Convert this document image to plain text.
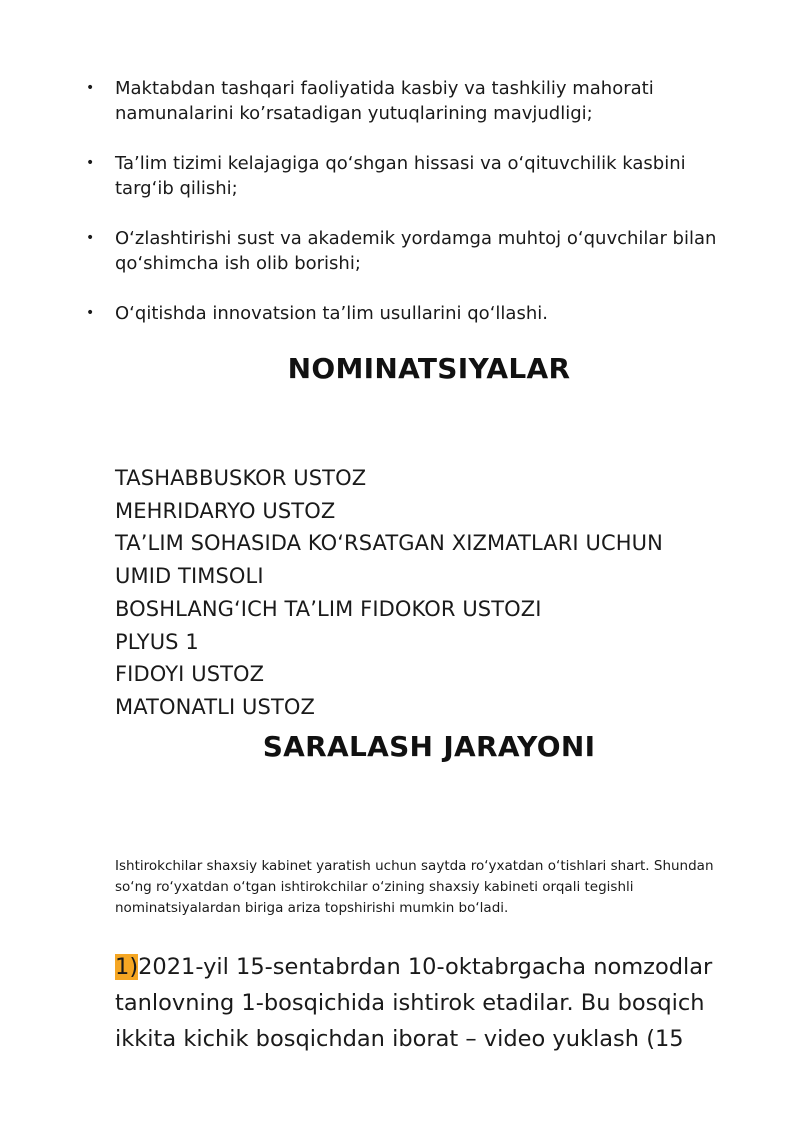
• Maktabdan tashqari faoliyatida kasbiy va tashkiliy mahorati namunalarini ko’rsatadigan yutuqlarining mavjudligi;
• Ta’lim tizimi kelajagiga qo‘shgan hissasi va o‘qituvchilik kasbini targ‘ib qilishi;
• O‘zlashtirishi sust va akademik yordamga muhtoj o‘quvchilar bilan qo‘shimcha ish olib borishi;
• O‘qitishda innovatsion ta’lim usullarini qo‘llashi.
NOMINATSIYALAR
TASHABBUSKOR USTOZ
MEHRIDARYO USTOZ
TA’LIM SOHASIDA KO‘RSATGAN XIZMATLARI UCHUN
UMID TIMSOLI
BOSHLANG‘ICH TA’LIM FIDOKOR USTOZI
PLYUS 1
FIDOYI USTOZ
MATONATLI USTOZ
SARALASH JARAYONI

Ishtirokchilar shaxsiy kabinet yaratish uchun saytda ro‘yxatdan o‘tishlari shart. Shundan so‘ng ro‘yxatdan o‘tgan ishtirokchilar o‘zining shaxsiy kabineti orqali tegishli nominatsiyalardan biriga ariza topshirishi mumkin bo‘ladi.

1)2021-yil 15-sentabrdan 10-oktabrgacha nomzodlar tanlovning 1-bosqichida ishtirok etadilar. Bu bosqich ikkita kichik bosqichdan iborat – video yuklash (15
